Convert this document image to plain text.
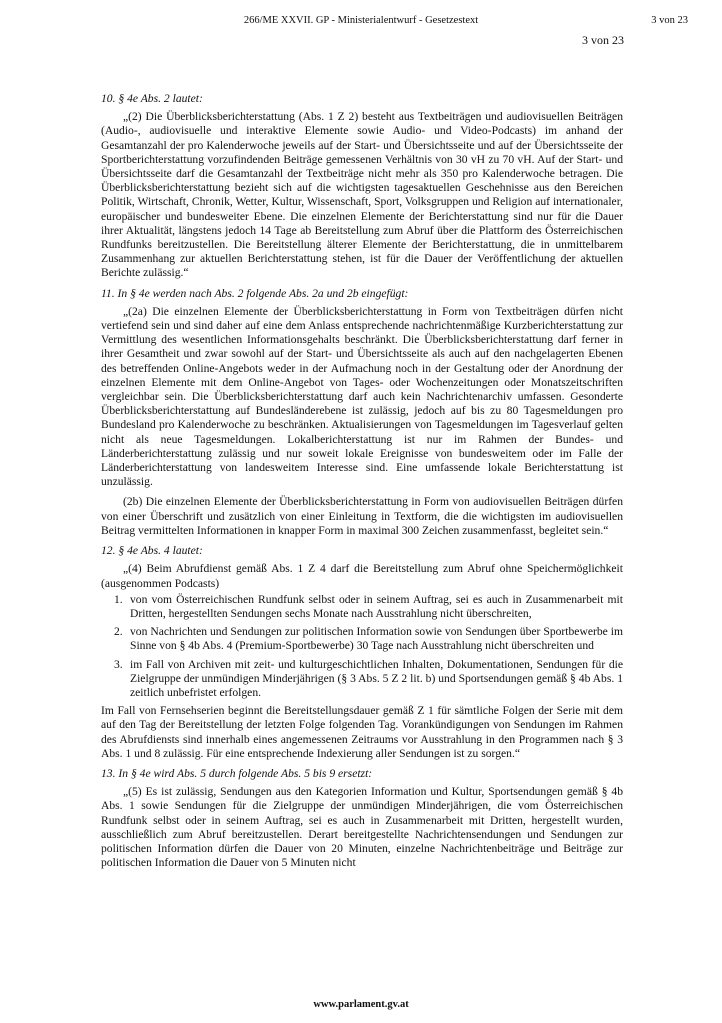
266/ME XXVII. GP - Ministerialentwurf - Gesetzestext	3 von 23
3 von 23
10. § 4e Abs. 2 lautet:

„(2) Die Überblicksberichterstattung (Abs. 1 Z 2) besteht aus Textbeiträgen und audiovisuellen Beiträgen (Audio-, audiovisuelle und interaktive Elemente sowie Audio- und Video-Podcasts) im anhand der Gesamtanzahl der pro Kalenderwoche jeweils auf der Start- und Übersichtsseite und auf der Übersichtsseite der Sportberichterstattung vorzufindenden Beiträge gemessenen Verhältnis von 30 vH zu 70 vH. Auf der Start- und Übersichtsseite darf die Gesamtanzahl der Textbeiträge nicht mehr als 350 pro Kalenderwoche betragen. Die Überblicksberichterstattung bezieht sich auf die wichtigsten tagesaktuellen Geschehnisse aus den Bereichen Politik, Wirtschaft, Chronik, Wetter, Kultur, Wissenschaft, Sport, Volksgruppen und Religion auf internationaler, europäischer und bundesweiter Ebene. Die einzelnen Elemente der Berichterstattung sind nur für die Dauer ihrer Aktualität, längstens jedoch 14 Tage ab Bereitstellung zum Abruf über die Plattform des Österreichischen Rundfunks bereitzustellen. Die Bereitstellung älterer Elemente der Berichterstattung, die in unmittelbarem Zusammenhang zur aktuellen Berichterstattung stehen, ist für die Dauer der Veröffentlichung der aktuellen Berichte zulässig.“

11. In § 4e werden nach Abs. 2 folgende Abs. 2a und 2b eingefügt:

„(2a) Die einzelnen Elemente der Überblicksberichterstattung in Form von Textbeiträgen dürfen nicht vertiefend sein und sind daher auf eine dem Anlass entsprechende nachrichtenmäßige Kurzberichterstattung zur Vermittlung des wesentlichen Informationsgehalts beschränkt. Die Überblicksberichterstattung darf ferner in ihrer Gesamtheit und zwar sowohl auf der Start- und Übersichtsseite als auch auf den nachgelagerten Ebenen des betreffenden Online-Angebots weder in der Aufmachung noch in der Gestaltung oder der Anordnung der einzelnen Elemente mit dem Online-Angebot von Tages- oder Wochenzeitungen oder Monatszeitschriften vergleichbar sein. Die Überblicksberichterstattung darf auch kein Nachrichtenarchiv umfassen. Gesonderte Überblicksberichterstattung auf Bundesländerebene ist zulässig, jedoch auf bis zu 80 Tagesmeldungen pro Bundesland pro Kalenderwoche zu beschränken. Aktualisierungen von Tagesmeldungen im Tagesverlauf gelten nicht als neue Tagesmeldungen. Lokalberichterstattung ist nur im Rahmen der Bundes- und Länderberichterstattung zulässig und nur soweit lokale Ereignisse von bundesweitem oder im Falle der Länderberichterstattung von landesweitem Interesse sind. Eine umfassende lokale Berichterstattung ist unzulässig.

(2b) Die einzelnen Elemente der Überblicksberichterstattung in Form von audiovisuellen Beiträgen dürfen von einer Überschrift und zusätzlich von einer Einleitung in Textform, die die wichtigsten im audiovisuellen Beitrag vermittelten Informationen in knapper Form in maximal 300 Zeichen zusammenfasst, begleitet sein.“

12. § 4e Abs. 4 lautet:

„(4) Beim Abrufdienst gemäß Abs. 1 Z 4 darf die Bereitstellung zum Abruf ohne Speichermöglichkeit (ausgenommen Podcasts)

1. von vom Österreichischen Rundfunk selbst oder in seinem Auftrag, sei es auch in Zusammenarbeit mit Dritten, hergestellten Sendungen sechs Monate nach Ausstrahlung nicht überschreiten,
2. von Nachrichten und Sendungen zur politischen Information sowie von Sendungen über Sportbewerbe im Sinne von § 4b Abs. 4 (Premium-Sportbewerbe) 30 Tage nach Ausstrahlung nicht überschreiten und
3. im Fall von Archiven mit zeit- und kulturgeschichtlichen Inhalten, Dokumentationen, Sendungen für die Zielgruppe der unmündigen Minderjährigen (§ 3 Abs. 5 Z 2 lit. b) und Sportsendungen gemäß § 4b Abs. 1 zeitlich unbefristet erfolgen.

Im Fall von Fernsehserien beginnt die Bereitstellungsdauer gemäß Z 1 für sämtliche Folgen der Serie mit dem auf den Tag der Bereitstellung der letzten Folge folgenden Tag. Vorankündigungen von Sendungen im Rahmen des Abrufdiensts sind innerhalb eines angemessenen Zeitraums vor Ausstrahlung in den Programmen nach § 3 Abs. 1 und 8 zulässig. Für eine entsprechende Indexierung aller Sendungen ist zu sorgen.“

13. In § 4e wird Abs. 5 durch folgende Abs. 5 bis 9 ersetzt:

„(5) Es ist zulässig, Sendungen aus den Kategorien Information und Kultur, Sportsendungen gemäß § 4b Abs. 1 sowie Sendungen für die Zielgruppe der unmündigen Minderjährigen, die vom Österreichischen Rundfunk selbst oder in seinem Auftrag, sei es auch in Zusammenarbeit mit Dritten, hergestellt wurden, ausschließlich zum Abruf bereitzustellen. Derart bereitgestellte Nachrichtensendungen und Sendungen zur politischen Information dürfen die Dauer von 20 Minuten, einzelne Nachrichtenbeiträge und Beiträge zur politischen Information die Dauer von 5 Minuten nicht

www.parlament.gv.at
